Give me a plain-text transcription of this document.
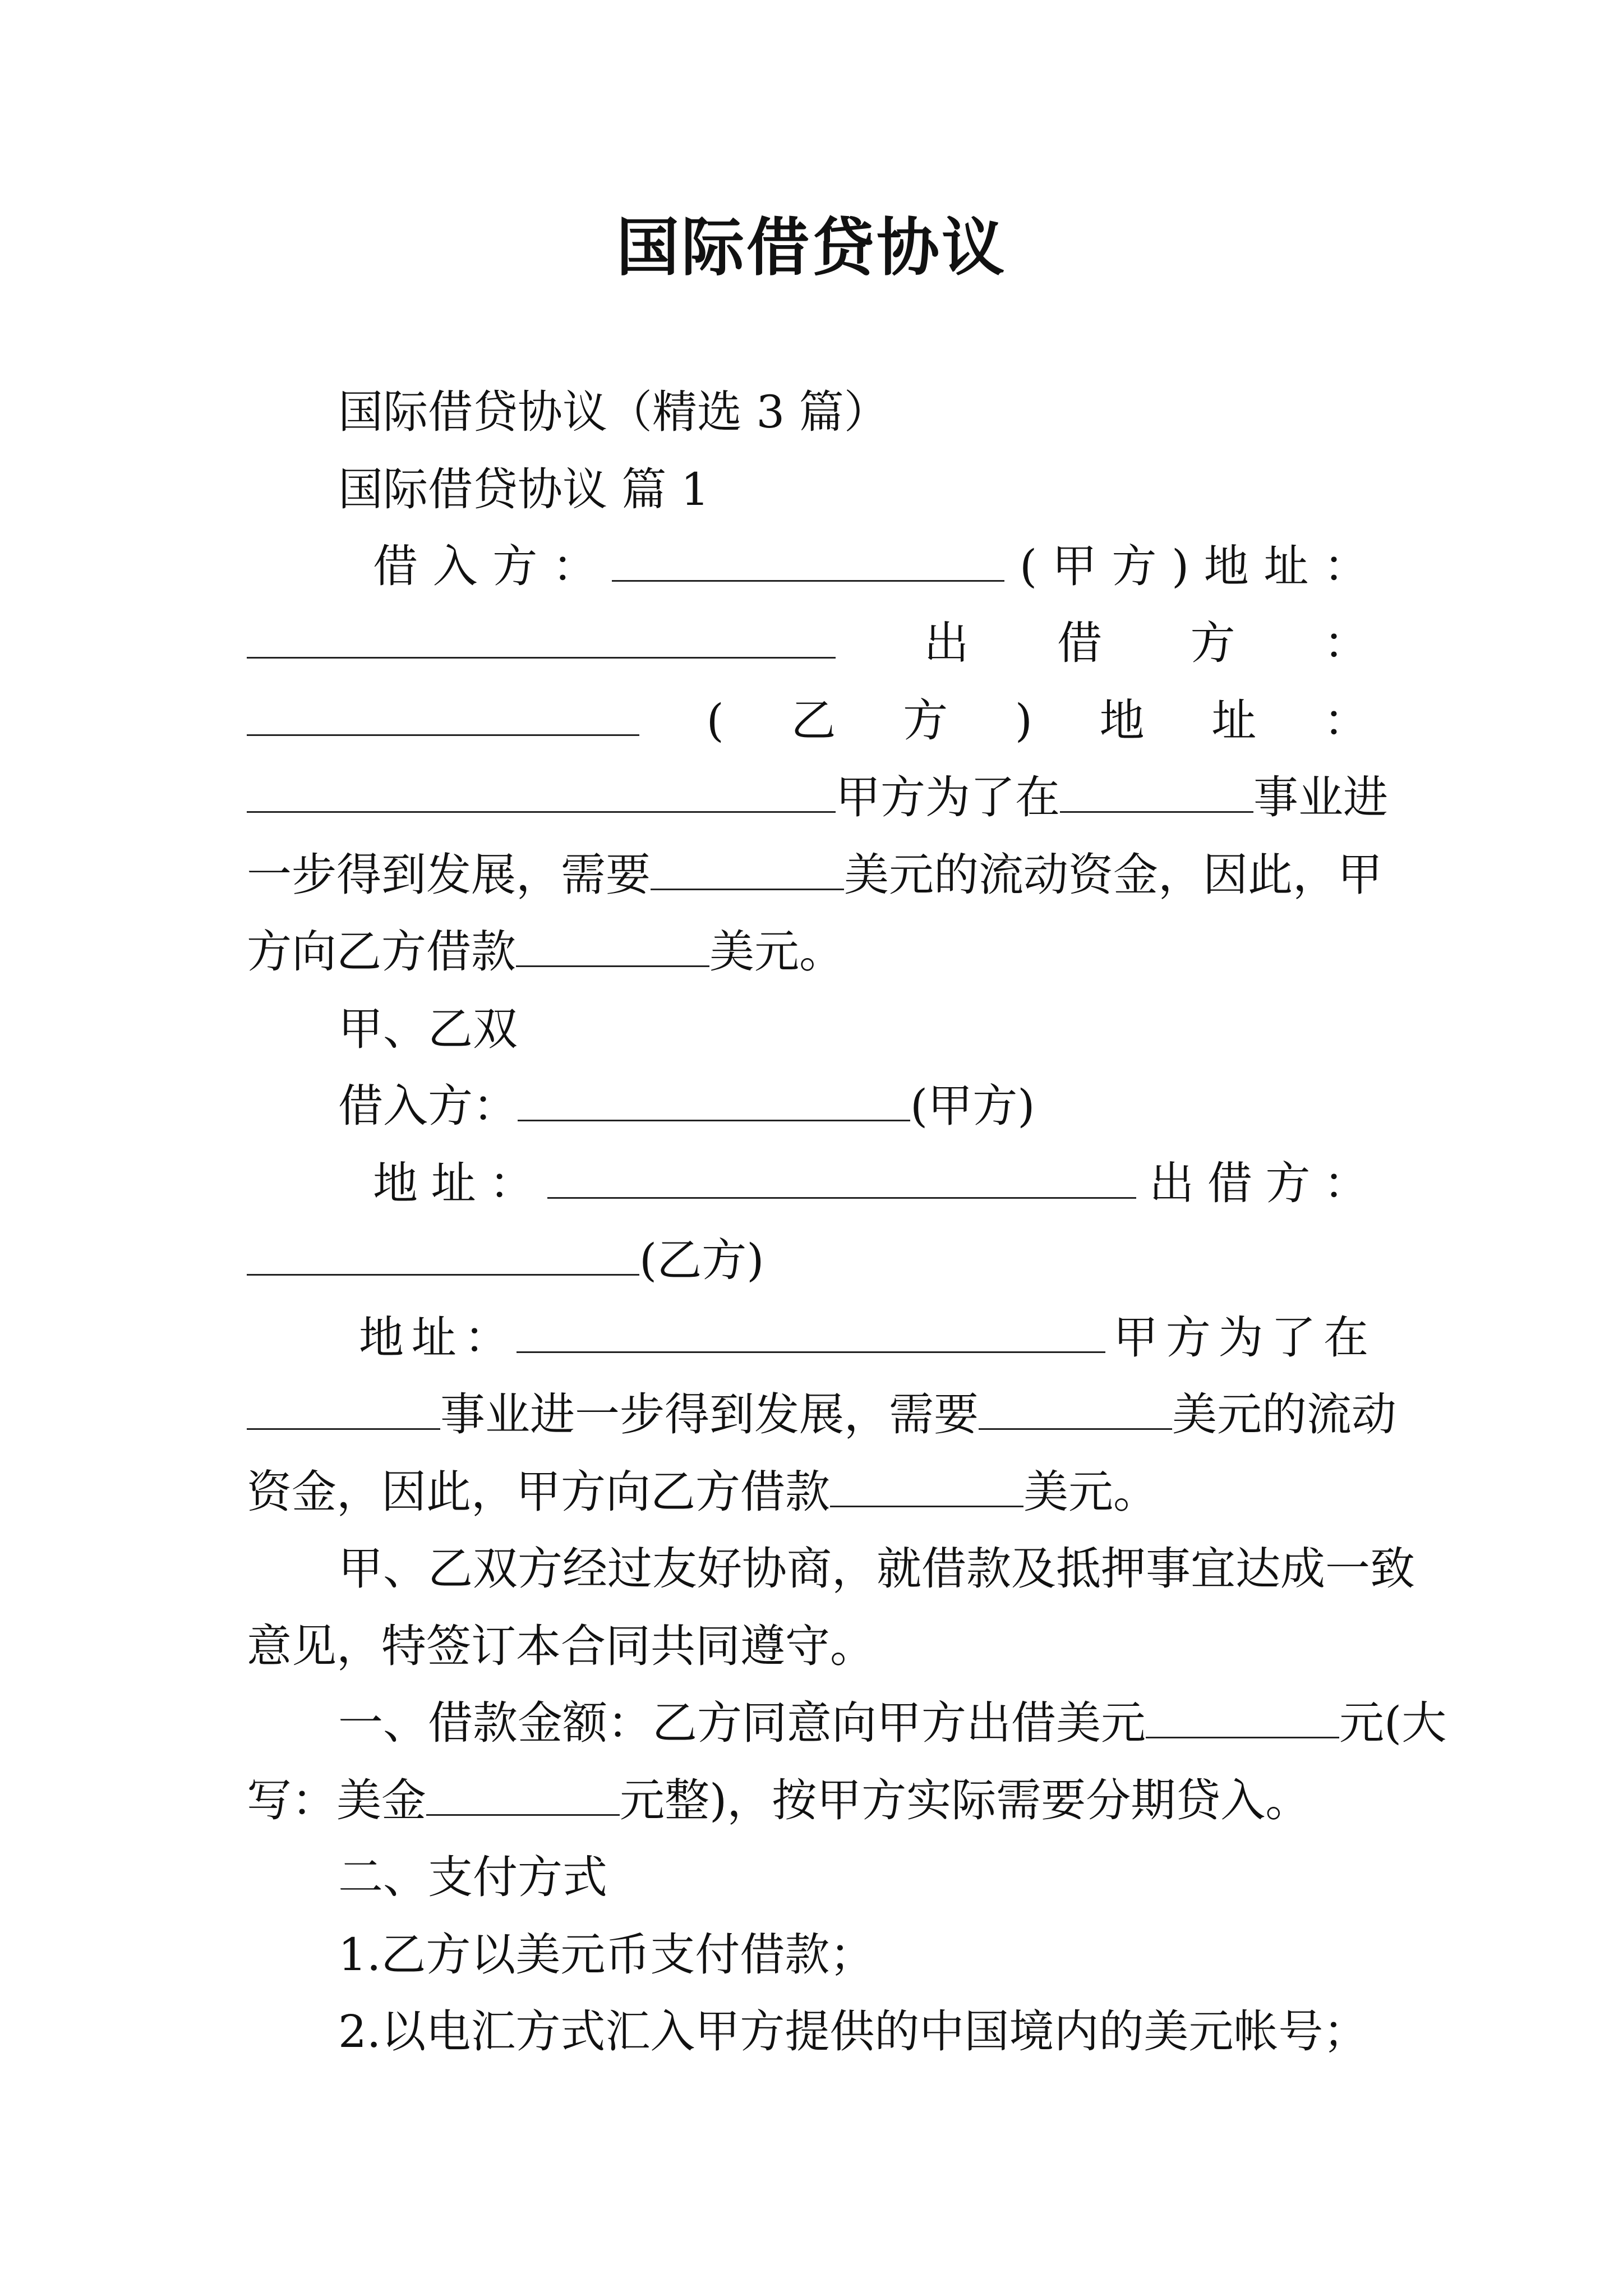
国际借贷协议
国际借贷协议（精选 3 篇）
国际借贷协议 篇 1
借 入 方 ：	( 甲 方 ) 地 址 ：
出 借 方 ：
( 乙 方 ) 地 址 ：
甲方为了在	事业进
一步得到发展，需要	美元的流动资金，因此，甲
方向乙方借款	美元。
甲、乙双
借入方：	(甲方)
地 址 ：	出 借 方 ：
(乙方)
地 址 ：	甲 方 为 了 在
事业进一步得到发展，需要	美元的流动
资金，因此，甲方向乙方借款	美元。
甲、乙双方经过友好协商，就借款及抵押事宜达成一致
意见，特签订本合同共同遵守。
一、借款金额：乙方同意向甲方出借美元	元(大
写：美金	元整)，按甲方实际需要分期贷入。
二、支付方式
1.乙方以美元币支付借款；
2.以电汇方式汇入甲方提供的中国境内的美元帐号；
